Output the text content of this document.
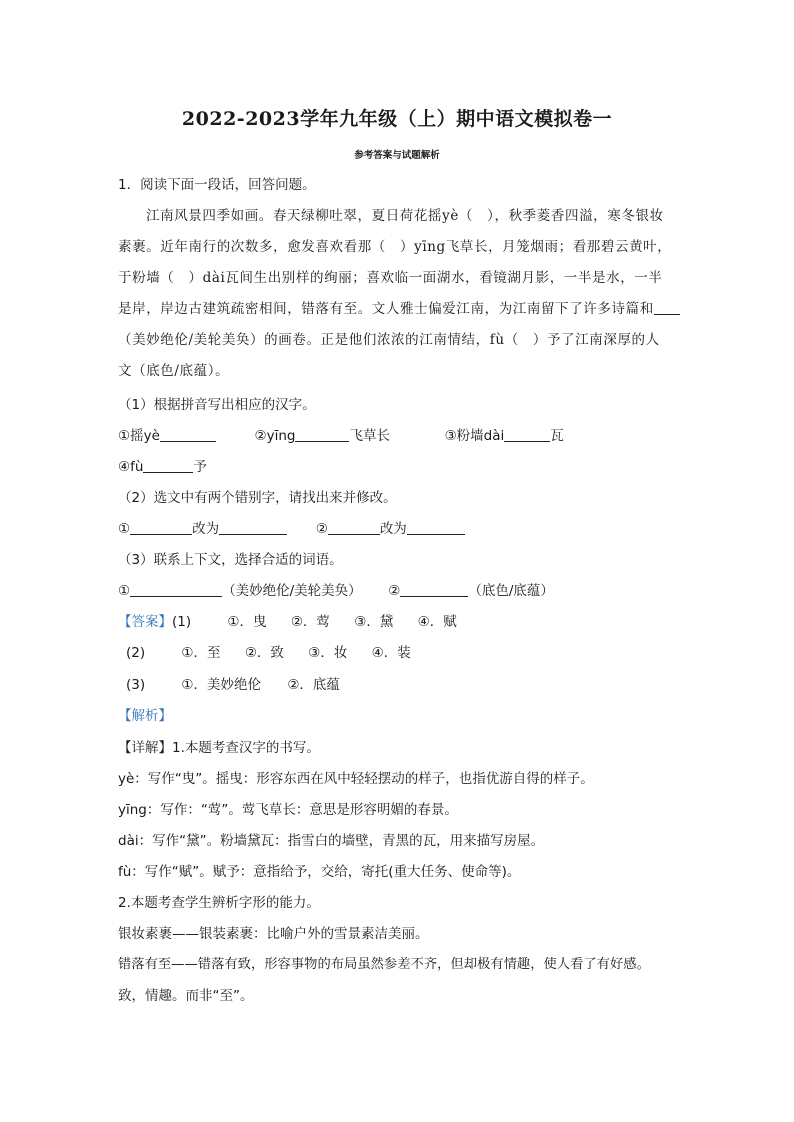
2022-2023学年九年级（上）期中语文模拟卷一
参考答案与试题解析
1．阅读下面一段话，回答问题。
江南风景四季如画。春天绿柳吐翠，夏日荷花摇yè（　），秋季菱香四溢，寒冬银妆
素裹。近年南行的次数多，愈发喜欢看那（　）yīng飞草长，月笼烟雨；看那碧云黄叶，
于粉墙（　）dài瓦间生出别样的绚丽；喜欢临一面湖水，看镜湖月影，一半是水，一半
是岸，岸边古建筑疏密相间，错落有至。文人雅士偏爱江南，为江南留下了许多诗篇和
（美妙绝伦/美轮美奂）的画卷。正是他们浓浓的江南情结，fù（　）予了江南深厚的人
文（底色/底蕴）。
（1）根据拼音写出相应的汉字。
①摇yè	②yīng	飞草长	③粉墙dài	瓦
④fù	予
（2）选文中有两个错别字，请找出来并修改。
①	改为	②	改为
（3）联系上下文，选择合适的词语。
①	（美妙绝伦/美轮美奂） ②	（底色/底蕴）
【答案】(1)	①．曳 ②．莺 ③．黛 ④．赋
(2)	①．至 ②．致 ③．妆 ④．装
(3)	①．美妙绝伦 ②．底蕴
【解析】
【详解】1.本题考查汉字的书写。
yè：写作“曳”。摇曳：形容东西在风中轻轻摆动的样子，也指优游自得的样子。
yīng：写作：“莺”。莺飞草长：意思是形容明媚的春景。
dài：写作“黛”。粉墙黛瓦：指雪白的墙壁，青黑的瓦，用来描写房屋。
fù：写作“赋”。赋予：意指给予，交给，寄托(重大任务、使命等)。
2.本题考查学生辨析字形的能力。
银妆素裹——银装素裹：比喻户外的雪景素洁美丽。
错落有至——错落有致，形容事物的布局虽然参差不齐，但却极有情趣，使人看了有好感。
致，情趣。而非“至”。
